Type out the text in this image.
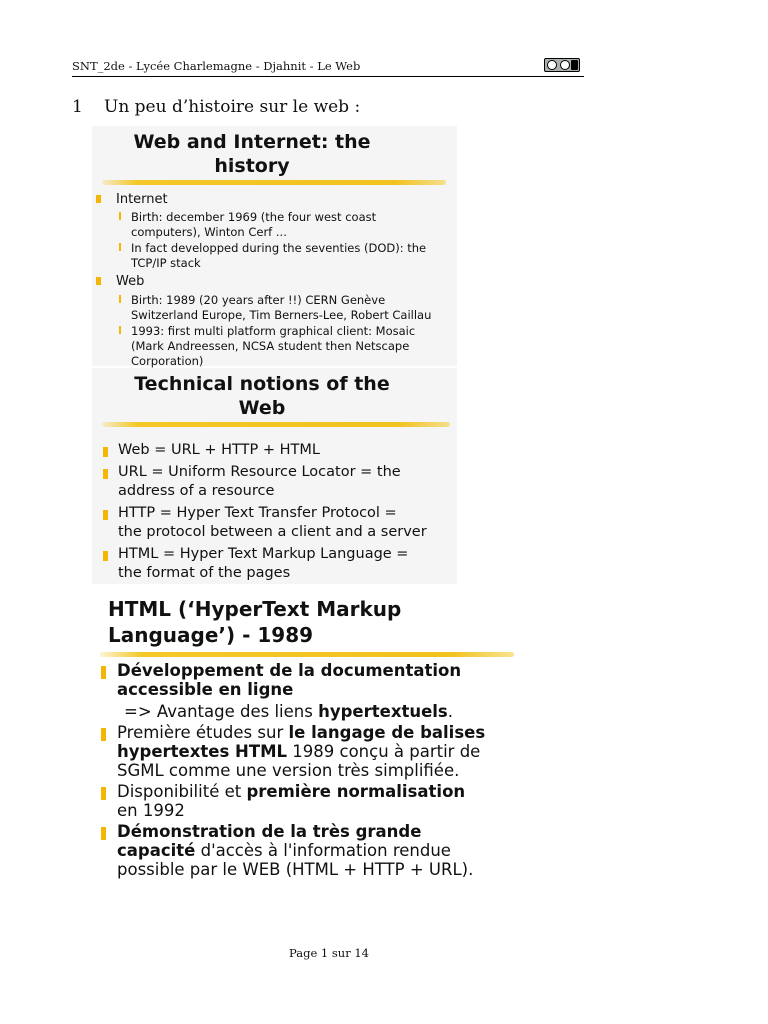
SNT_2de - Lycée Charlemagne - Djahnit - Le Web
1 Un peu d’histoire sur le web :
Web and Internet: the
history
Internet
Birth: december 1969 (the four west coast
computers), Winton Cerf ...
In fact developped during the seventies (DOD): the
TCP/IP stack
Web
Birth: 1989 (20 years after !!) CERN Genève
Switzerland Europe, Tim Berners-Lee, Robert Caillau
1993: first multi platform graphical client: Mosaic
(Mark Andreessen, NCSA student then Netscape
Corporation)
Technical notions of the
Web
Web = URL + HTTP + HTML
URL = Uniform Resource Locator = the
address of a resource
HTTP = Hyper Text Transfer Protocol =
the protocol between a client and a server
HTML = Hyper Text Markup Language =
the format of the pages
HTML (‘HyperText Markup
Language’) - 1989
Développement de la documentation
accessible en ligne
=> Avantage des liens hypertextuels.
Première études sur le langage de balises
hypertextes HTML 1989 conçu à partir de
SGML comme une version très simplifiée.
Disponibilité et première normalisation
en 1992
Démonstration de la très grande
capacité d'accès à l'information rendue
possible par le WEB (HTML + HTTP + URL).
Page 1 sur 14
